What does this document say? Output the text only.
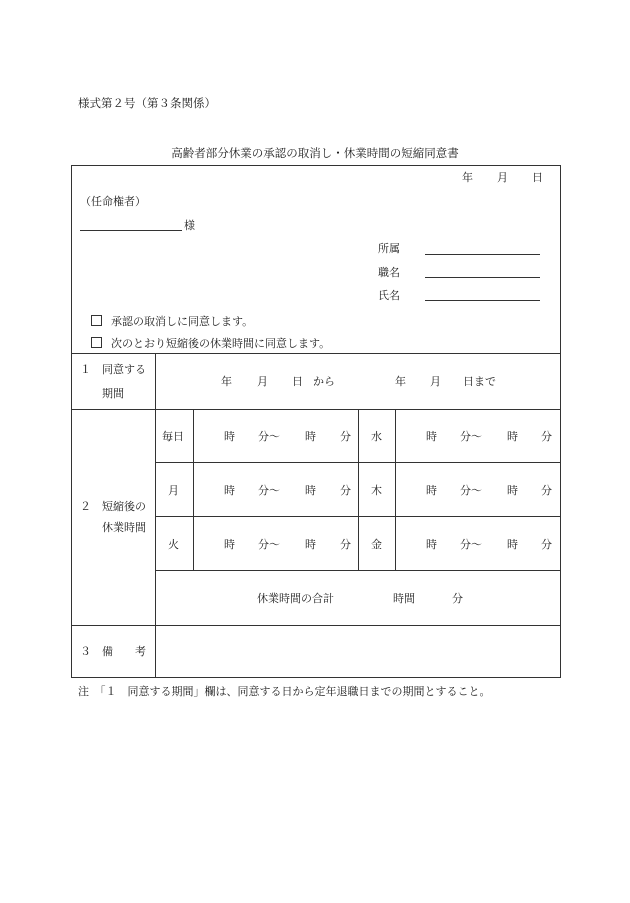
様式第２号（第３条関係）
高齢者部分休業の承認の取消し・休業時間の短縮同意書
年 月 日
（任命権者）
様
所属
職名
氏名
承認の取消しに同意します。
次のとおり短縮後の休業時間に同意します。
１　同意する
期間
年 月 日 から	年 月 日まで
２　短縮後の
休業時間
毎日	時 分～ 時 分 水	時 分～ 時 分
月	時 分～ 時 分 木	時 分～ 時 分
火	時 分～ 時 分 金	時 分～ 時 分
休業時間の合計	時間	分
３ 備　　考
注　「１　同意する期間」欄は、同意する日から定年退職日までの期間とすること。
